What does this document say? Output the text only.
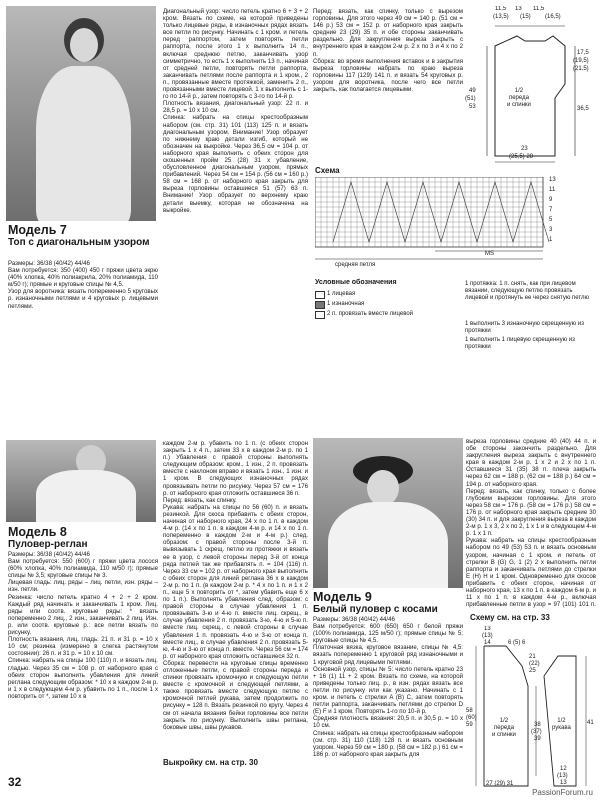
Модель 7
Топ с диагональным узором
Размеры: 36/38 (40/42) 44/46
Вам потребуется: 350 (400) 450 г пряжи цвета экрю (40% хлопка, 40% полиакрила, 20% полиамида, 110 м/50 г); прямые и круговые спицы № 4,5.
Узор для воротника: вязать попеременно 5 круговых р. изнаночными петлями и 4 круговых р. лицевыми петлями.
Диагональный узор: число петель кратно 6 + 3 + 2 кром. Вязать по схеме, на которой приведены только лицевые ряды, в изнаночных рядах вязать все петли по рисунку. Начинать с 1 кром. и петель перед раппортом, затем повторять петли раппорта, после этого 1 х выполнить 14 п., включая среднюю петлю, заканчивать узор симметрично, то есть 1 х выполнить 13 п., начиная от средней петли, повторять петли раппорта, заканчивать петлями после раппорта и 1 кром., 2 п., провязанные вместе протяжкой, заменить 2 п., провязанными вместе лицевой. 1 х выполнить с 1-го по 14-й р., затем повторять с 3-го по 14-й р.
Плотность вязания, диагональный узор: 22 п. и 28,5 р. = 10 х 10 см.
Спинка: набрать на спицы крестообразным набором (см. стр. 31) 101 (113) 125 п. и вязать диагональным узором. Внимание! Узор образует по нижнему краю детали изгиб, который не обозначен на выкройке. Через 36,5 см = 104 р. от наборного края выполнить с обеих сторон для скошенных пройм 25 (28) 31 х убавление, обусловленное диагональным узором, прямых прибавлений. Через 54 см = 154 р. (56 см = 160 р.) 58 см = 168 р. от наборного края закрыть для выреза горловины оставшиеся 51 (57) 63 п. Внимание! Узор образует по верхнему краю детали выемку, которая не обозначена на выкройке.
Перед: вязать, как спинку, только с вырезом горловины. Для этого через 49 см = 140 р. (51 см = 146 р.) 53 см = 152 р. от наборного края закрыть средние 23 (29) 35 п. и обе стороны заканчивать раздельно. Для закругления выреза закрыть с внутреннего края в каждом 2-м р. 2 х по 3 и 4 х по 2 п.
Сборка: во время выполнения вставок и в закрытия выреза горловины набрать по краю выреза горловины 117 (129) 141 п. и вязать 54 круговых р. узором для воротника, после чего все петли закрыть, как полагается лицевыми.
11,5 13 11,5
(13,5) (15) (16,5)
17,5
(19,5)
(21,5)
36,5
49
(51)
53
1/2
переда
и спинки
23
(25,5) 28
Схема
13
11
9
7
5
3
1
MS
средняя петля
Условные обозначения
1 лицевая
1 изнаночная
2 п. провязать вместе лицевой
1 протяжка: 1 п. снять, как при лицевом вязании, следующую петлю провязать лицевой и протянуть ее через снятую петлю
1 выполнить 3 изнаночную скрещенную из протяжки
1 выполнить 1 лицевую скрещенную из протяжки
Модель 8
Пуловер-реглан
Размеры: 36/38 (40/42) 44/46
Вам потребуется: 550 (600) г пряжи цвета лосося (60% хлопка, 40% полиамида, 110 м/50 г); прямые спицы № 3,5; круговые спицы № 3.
Лицевая гладь: лиц. ряды – лиц. петли, изн. ряды – изн. петли.
Резинка: число петель кратно 4 + 2 + 2 кром. Каждый ряд начинать и заканчивать 1 кром. Лиц. ряды или соотв. круговые ряды: * вязать попеременно 2 лиц., 2 изн., заканчивать 2 лиц. Изн. р. или соотв. круговые р.: все петли вязать по рисунку.
Плотность вязания, лиц. гладь: 21 п. и 31 р. = 10 х 10 см; резинка (измерено в слегка растянутом состоянии): 26 п. и 31 р. = 10 х 10 см.
Спинка: набрать на спицы 100 (110) п. и вязать лиц. гладью. Через 35 см = 108 р. от наборного края с обеих сторон выполнить убавления для линий реглана следующим образом: * 10 х в каждом 2-м р. и 1 х в следующем 4-м р. убавить по 1 п., после 1 х повторить от *, затем 10 х в
каждом 2-м р. убавить по 1 п. (с обеих сторон закрыть 1 х 4 п., затем 33 х в каждом 2-м р. по 1 п.) Убавления с правой стороны выполнять следующим образом: кром., 1 изн., 2 п. провязать вместе с наклоном вправо и вязать 1 изн., 1 изн. и 1 кром. В следующих изнаночных рядах провязывать петли по рисунку. Через 57 см = 176 р. от наборного края отложить оставшиеся 36 п.
Перед: вязать, как спинку.
Рукава: набрать на спицы по 56 (60) п. и вязать резинкой. Для скоса прибавить с обеих сторон, начиная от наборного края, 24 х по 1 п. в каждом 4-м р. (14 х по 1 п. в каждом 4-м р. и 14 х по 1 п. попеременно в каждом 2-м и 4-м р.) след. образом: с правой стороны после 3-й п. вывязывать 1 скрещ. петлю из протяжки и вязать ее в узор, с левой стороны перед 3-й от конца ряда петлей так же прибавлять п. = 104 (116) п. Через 33 см = 102 р. от наборного края выполнить с обеих сторон для линий реглана 36 х в каждом 2-м р. по 1 п. (в каждом 2-м р. * 4 х по 1 п. и 1 х 2 п., еще 5 х повторить от *, затем убавить еще 6 х по 1 п.). Выполнять убавления след. образом: с правой стороны в случае убавления 1 п. провязывать 3-ю и 4-ю п. вместе лиц. скрещ., в случае убавления 2 п. провязать 3-ю, 4-ю и 5-ю п. вместе лиц. скрещ., с левой стороны в случае убавления 1 п. провязать 4-ю и 3-ю от конца п. вместе лиц., в случае убавления 2 п. провязать 5-ю, 4-ю и 3-ю от конца п. вместе. Через 56 см = 174 р. от наборного края отложить оставшиеся 32 п.
Сборка: перевести на круговые спицы временно отложенные петли, с правой стороны переда и спинки провязать кромочную и следующую петли вместе с кромочной и следующей петлями, а также провязать вместе следующую петлю с кромочной петлей рукава, затем продолжить по рисунку = 128 п. Вязать резинкой по кругу. Через 4 см от начала вязания бейки горловины все петли закрыть по рисунку. Выполнить швы реглана, боковые швы, швы рукавов.
Выкройку см. на стр. 30
Модель 9
Белый пуловер с косами
Размеры: 36/38 (40/42) 44/46
Вам потребуется: 600 (650) 650 г белой пряжи (100% полиамида, 125 м/50 г); прямые спицы № 5; круговые спицы № 4,5.
Платочная вязка, круговое вязание, спицы № 4,5: вязать попеременно 1 круговой ряд изнаночными и 1 круговой ряд лицевыми петлями.
Основной узор, спицы № 5: число петель кратно 23 + 16 (1) 11 + 2 кром. Вязать по схеме, на которой приведены только лиц. р., в изн. рядах вязать все петли по рисунку или как указано. Начинать с 1 кром. и петель с стрелки A (B) C, затем повторять петли раппорта, заканчивать петлями до стрелки D (E) F и 1 кром. Повторять 1-го по 10-й р.
Средняя плотность вязания: 20,5 п. и 30,5 р. = 10 х 10 см.
Спинка: набрать на спицы крестообразным набором (см. стр. 31) 110 (118) 128 п. и вязать основным узором. Через 59 см = 180 р. (58 см = 182 р.) 61 см = 186 р. от наборного края закрыть для
выреза горловины средние 40 (40) 44 п. и обе стороны закончить раздельно. Для закругления выреза закрыть с внутреннего края в каждом 2-м р. 1 х 2 и 2 х по 1 п. Оставшиеся 31 (35) 38 п. плеча закрыть через 62 см = 188 р. (62 см = 188 р.) 64 см = 194 р. от наборного края.
Перед: вязать, как спинку, только с более глубоким вырезом горловины. Для этого через 58 см = 176 р. (58 см = 176 р.) 58 см = 176 р. от наборного края закрыть средние 30 (30) 34 п. и для закругления выреза в каждом 2-м р. 1 х 3, 2 х по 2, 1 х 1 и в следующем 4-м р. 1 х 1 п.
Рукава: набрать на спицы крестообразным набором по 49 (53) 53 п. и вязать основным узором, начиная с 1 кром. и петель от стрелки B (G) G, 1 (2) 2 х выполнить петли раппорта и заканчивать петлями до стрелки E (H) H и 1 кром. Одновременно для скосов прибавить с обеих сторон, начиная от наборного края, 13 х по 1 п. в каждом 6-м р. и 11 х по 1 п. в каждом 4-м р., включая прибавленные петли в узор = 97 (101) 101 п.

Схему см. на стр. 33
13
(13)
14	6 (5) 6
21
(22)
25
58
(60)
59
1/2
переда
и спинки
1/2
рукава
38
(37)
39
41
27 (29) 31
12
(13)
13
32
PassionForum.ru
